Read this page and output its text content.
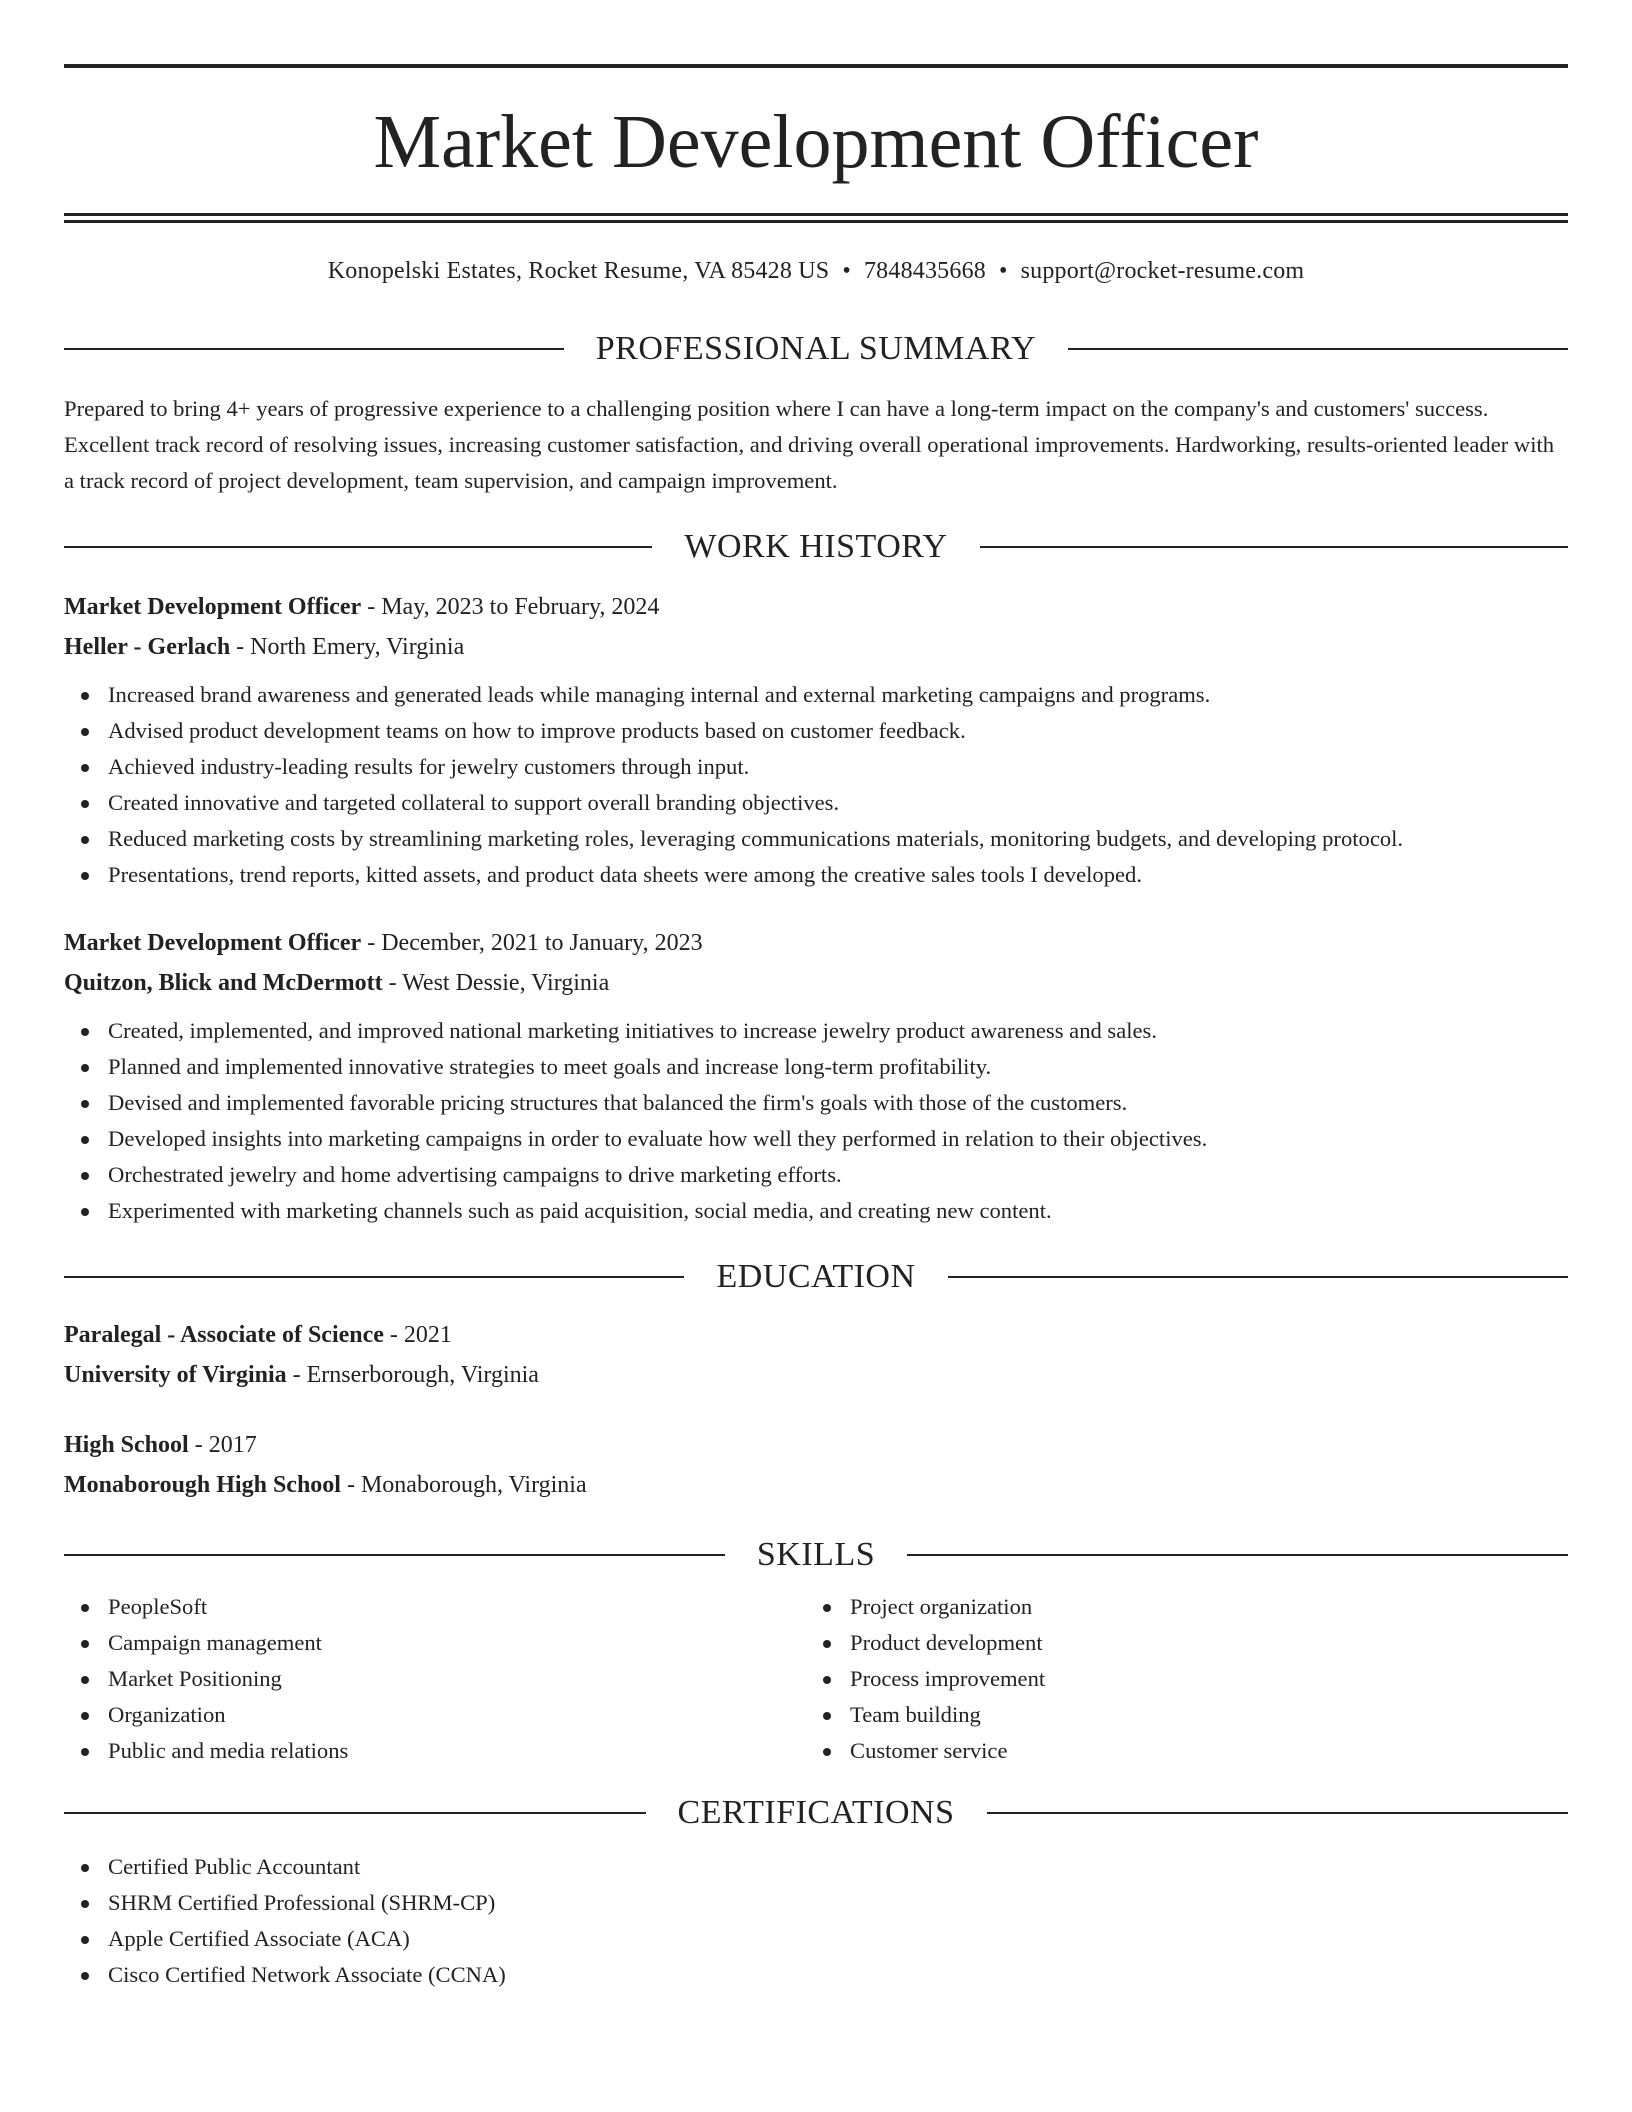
Market Development Officer
Konopelski Estates, Rocket Resume, VA 85428 US • 7848435668 • support@rocket-resume.com
PROFESSIONAL SUMMARY
Prepared to bring 4+ years of progressive experience to a challenging position where I can have a long-term impact on the company's and customers' success. Excellent track record of resolving issues, increasing customer satisfaction, and driving overall operational improvements. Hardworking, results-oriented leader with a track record of project development, team supervision, and campaign improvement.
WORK HISTORY
Market Development Officer - May, 2023 to February, 2024
Heller - Gerlach - North Emery, Virginia
Increased brand awareness and generated leads while managing internal and external marketing campaigns and programs.
Advised product development teams on how to improve products based on customer feedback.
Achieved industry-leading results for jewelry customers through input.
Created innovative and targeted collateral to support overall branding objectives.
Reduced marketing costs by streamlining marketing roles, leveraging communications materials, monitoring budgets, and developing protocol.
Presentations, trend reports, kitted assets, and product data sheets were among the creative sales tools I developed.
Market Development Officer - December, 2021 to January, 2023
Quitzon, Blick and McDermott - West Dessie, Virginia
Created, implemented, and improved national marketing initiatives to increase jewelry product awareness and sales.
Planned and implemented innovative strategies to meet goals and increase long-term profitability.
Devised and implemented favorable pricing structures that balanced the firm's goals with those of the customers.
Developed insights into marketing campaigns in order to evaluate how well they performed in relation to their objectives.
Orchestrated jewelry and home advertising campaigns to drive marketing efforts.
Experimented with marketing channels such as paid acquisition, social media, and creating new content.
EDUCATION
Paralegal - Associate of Science - 2021
University of Virginia - Ernserborough, Virginia
High School - 2017
Monaborough High School - Monaborough, Virginia
SKILLS
PeopleSoft
Campaign management
Market Positioning
Organization
Public and media relations
Project organization
Product development
Process improvement
Team building
Customer service
CERTIFICATIONS
Certified Public Accountant
SHRM Certified Professional (SHRM-CP)
Apple Certified Associate (ACA)
Cisco Certified Network Associate (CCNA)
